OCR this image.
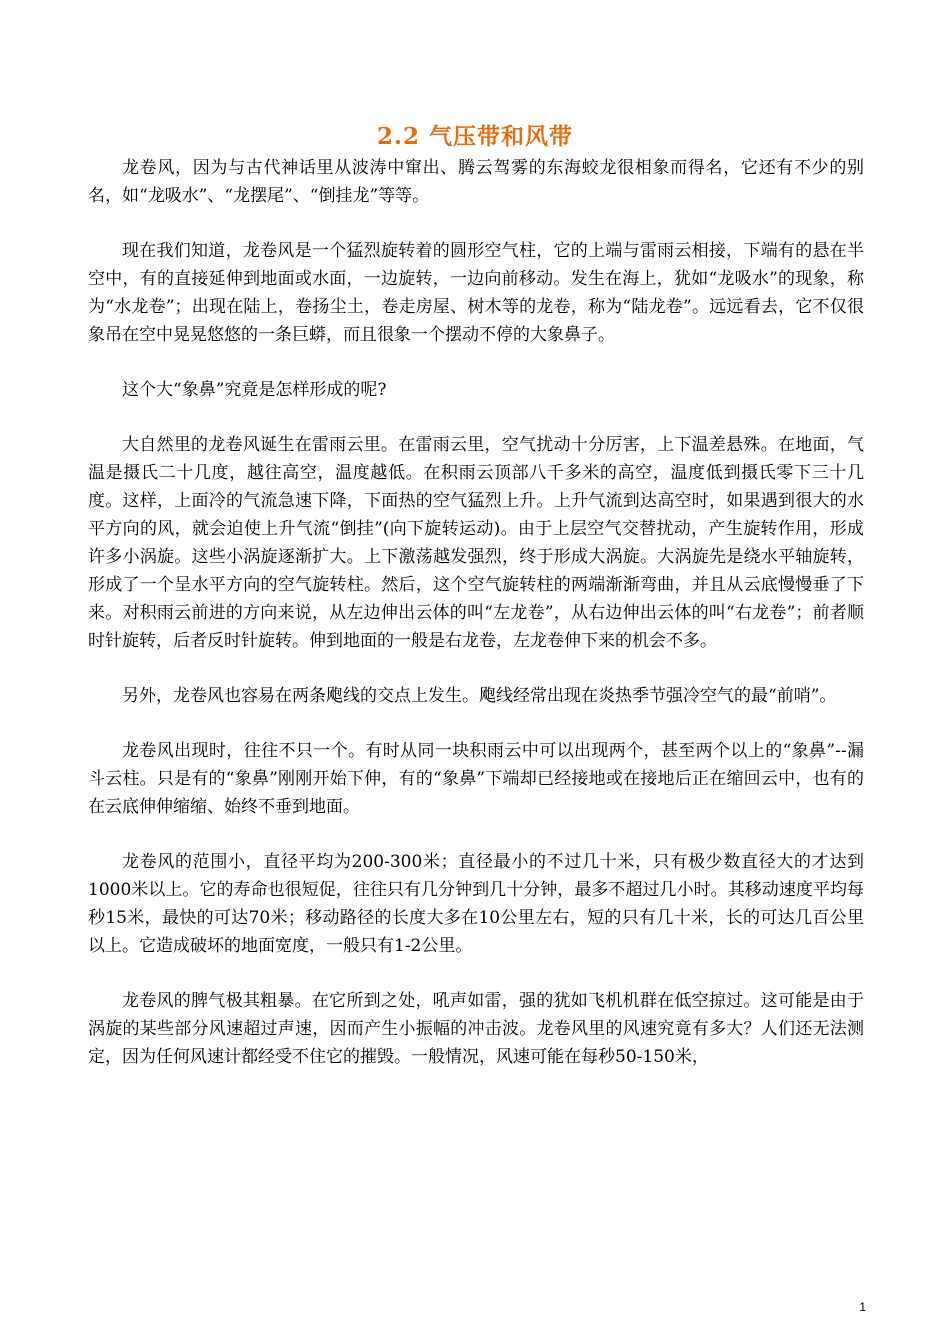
2.2 气压带和风带

龙卷风，因为与古代神话里从波涛中窜出、腾云驾雾的东海蛟龙很相象而得名，它还有不少的别名，如“龙吸水”、“龙摆尾”、“倒挂龙”等等。

现在我们知道，龙卷风是一个猛烈旋转着的圆形空气柱，它的上端与雷雨云相接，下端有的悬在半空中，有的直接延伸到地面或水面，一边旋转，一边向前移动。发生在海上，犹如“龙吸水”的现象，称为“水龙卷”；出现在陆上，卷扬尘土，卷走房屋、树木等的龙卷，称为“陆龙卷”。远远看去，它不仅很象吊在空中晃晃悠悠的一条巨蟒，而且很象一个摆动不停的大象鼻子。

这个大“象鼻”究竟是怎样形成的呢?

大自然里的龙卷风诞生在雷雨云里。在雷雨云里，空气扰动十分厉害，上下温差悬殊。在地面，气温是摄氏二十几度，越往高空，温度越低。在积雨云顶部八千多米的高空，温度低到摄氏零下三十几度。这样，上面冷的气流急速下降，下面热的空气猛烈上升。上升气流到达高空时，如果遇到很大的水平方向的风，就会迫使上升气流“倒挂”(向下旋转运动)。由于上层空气交替扰动，产生旋转作用，形成许多小涡旋。这些小涡旋逐渐扩大。上下激荡越发强烈，终于形成大涡旋。大涡旋先是绕水平轴旋转，形成了一个呈水平方向的空气旋转柱。然后，这个空气旋转柱的两端渐渐弯曲，并且从云底慢慢垂了下来。对积雨云前进的方向来说，从左边伸出云体的叫“左龙卷”，从右边伸出云体的叫“右龙卷”；前者顺时针旋转，后者反时针旋转。伸到地面的一般是右龙卷，左龙卷伸下来的机会不多。

另外，龙卷风也容易在两条飑线的交点上发生。飑线经常出现在炎热季节强冷空气的最“前哨”。

龙卷风出现时，往往不只一个。有时从同一块积雨云中可以出现两个，甚至两个以上的“象鼻”--漏斗云柱。只是有的“象鼻”刚刚开始下伸，有的“象鼻”下端却已经接地或在接地后正在缩回云中，也有的在云底伸伸缩缩、始终不垂到地面。

龙卷风的范围小，直径平均为200-300米；直径最小的不过几十米，只有极少数直径大的才达到1000米以上。它的寿命也很短促，往往只有几分钟到几十分钟，最多不超过几小时。其移动速度平均每秒15米，最快的可达70米；移动路径的长度大多在10公里左右，短的只有几十米，长的可达几百公里以上。它造成破坏的地面宽度，一般只有1-2公里。

龙卷风的脾气极其粗暴。在它所到之处，吼声如雷，强的犹如飞机机群在低空掠过。这可能是由于涡旋的某些部分风速超过声速，因而产生小振幅的冲击波。龙卷风里的风速究竟有多大？人们还无法测定，因为任何风速计都经受不住它的摧毁。一般情况，风速可能在每秒50-150米，

1
